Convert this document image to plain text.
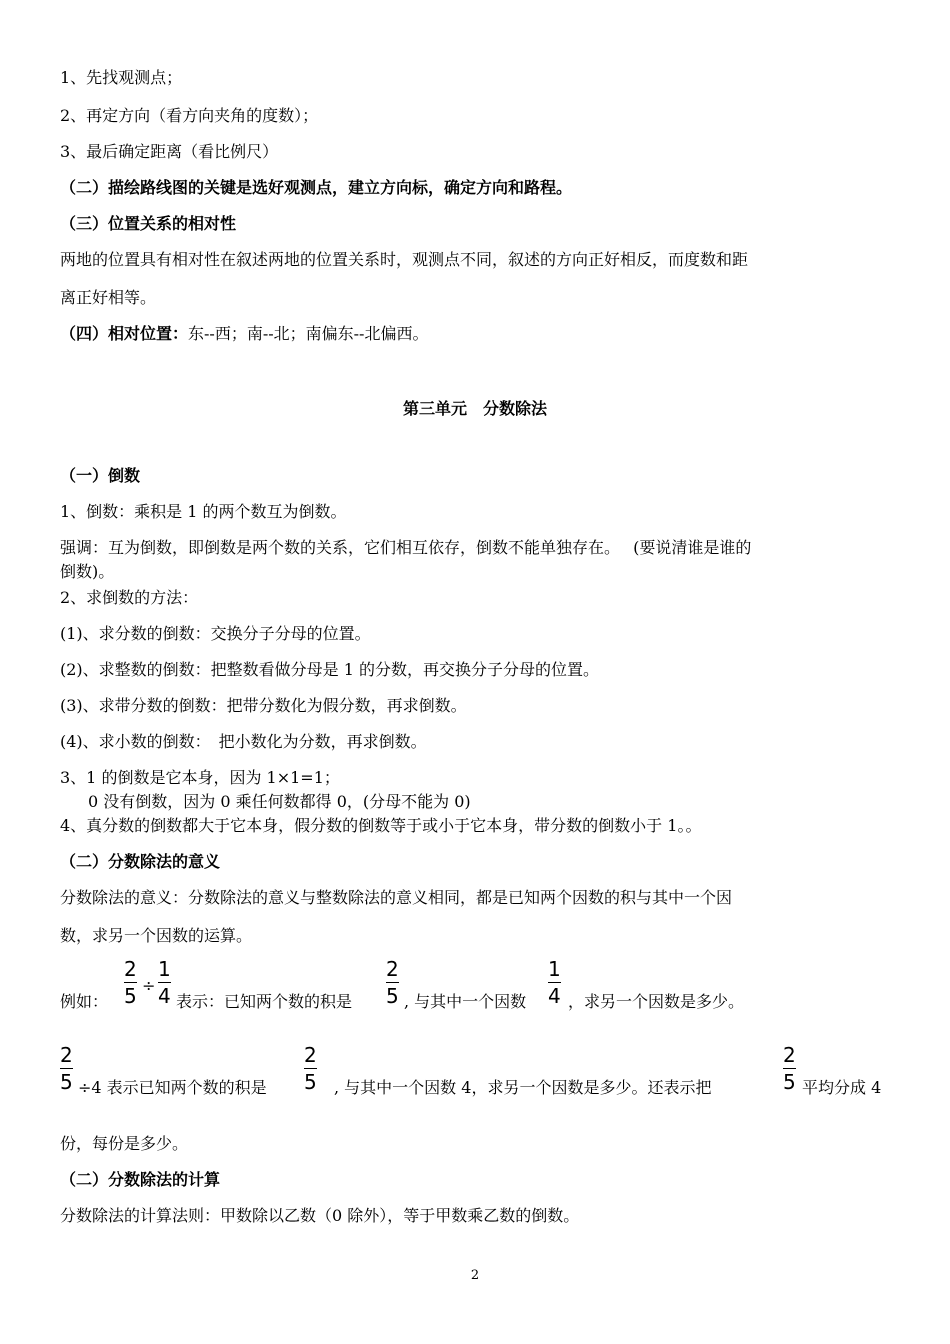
1、先找观测点；
2、再定方向（看方向夹角的度数）；
3、最后确定距离（看比例尺）
（二）描绘路线图的关键是选好观测点，建立方向标，确定方向和路程。
（三）位置关系的相对性
两地的位置具有相对性在叙述两地的位置关系时，观测点不同，叙述的方向正好相反，而度数和距
离正好相等。
（四）相对位置：东--西；南--北；南偏东--北偏西。
第三单元　分数除法
（一）倒数
1、倒数：乘积是 1 的两个数互为倒数。
强调：互为倒数，即倒数是两个数的关系，它们相互依存，倒数不能单独存在。　 (要说清谁是谁的
倒数)。
2、求倒数的方法：
(1)、求分数的倒数：交换分子分母的位置。
(2)、求整数的倒数：把整数看做分母是 1 的分数，再交换分子分母的位置。
(3)、求带分数的倒数：把带分数化为假分数，再求倒数。
(4)、求小数的倒数：　把小数化为分数，再求倒数。
3、1 的倒数是它本身，因为 1×1=1；
0 没有倒数，因为 0 乘任何数都得 0，(分母不能为 0)
4、真分数的倒数都大于它本身，假分数的倒数等于或小于它本身，带分数的倒数小于 1。。
（二）分数除法的意义
分数除法的意义：分数除法的意义与整数除法的意义相同，都是已知两个因数的积与其中一个因
数，求另一个因数的运算。
例如：
2
5 ÷
1
4 表示：已知两个数的积是
2
5 , 与其中一个因数
1
4 ，求另一个因数是多少。
2
5 ÷4 表示已知两个数的积是
2
5 , 与其中一个因数 4，求另一个因数是多少。还表示把
2
5 平均分成 4
份，每份是多少。
（二）分数除法的计算
分数除法的计算法则：甲数除以乙数（0 除外），等于甲数乘乙数的倒数。
2
